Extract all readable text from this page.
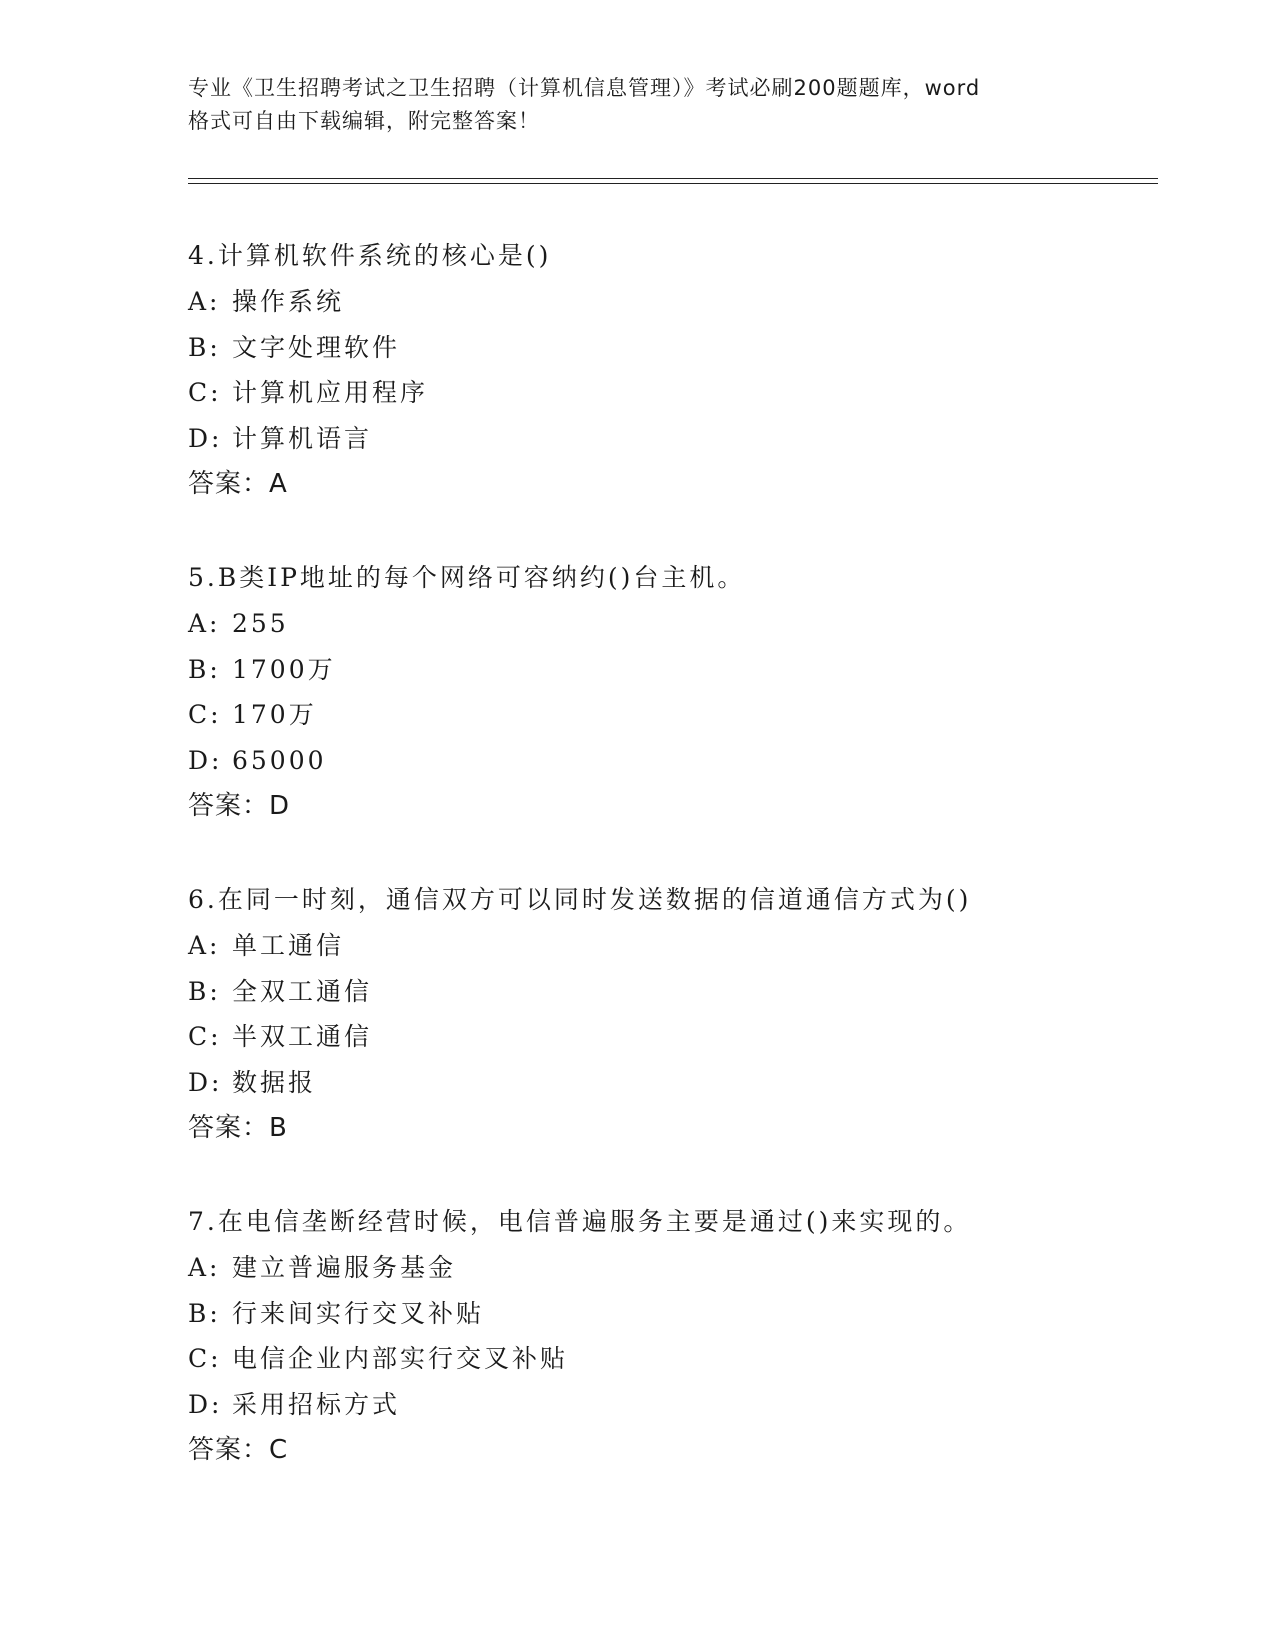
专业《卫生招聘考试之卫生招聘（计算机信息管理）》考试必刷200题题库，word
格式可自由下载编辑，附完整答案！
4.计算机软件系统的核心是()
A: 操作系统
B: 文字处理软件
C: 计算机应用程序
D: 计算机语言
答案：A
5.B类IP地址的每个网络可容纳约()台主机。
A: 255
B: 1700万
C: 170万
D: 65000
答案：D
6.在同一时刻，通信双方可以同时发送数据的信道通信方式为()
A: 单工通信
B: 全双工通信
C: 半双工通信
D: 数据报
答案：B
7.在电信垄断经营时候，电信普遍服务主要是通过()来实现的。
A: 建立普遍服务基金
B: 行来间实行交叉补贴
C: 电信企业内部实行交叉补贴
D: 采用招标方式
答案：C
